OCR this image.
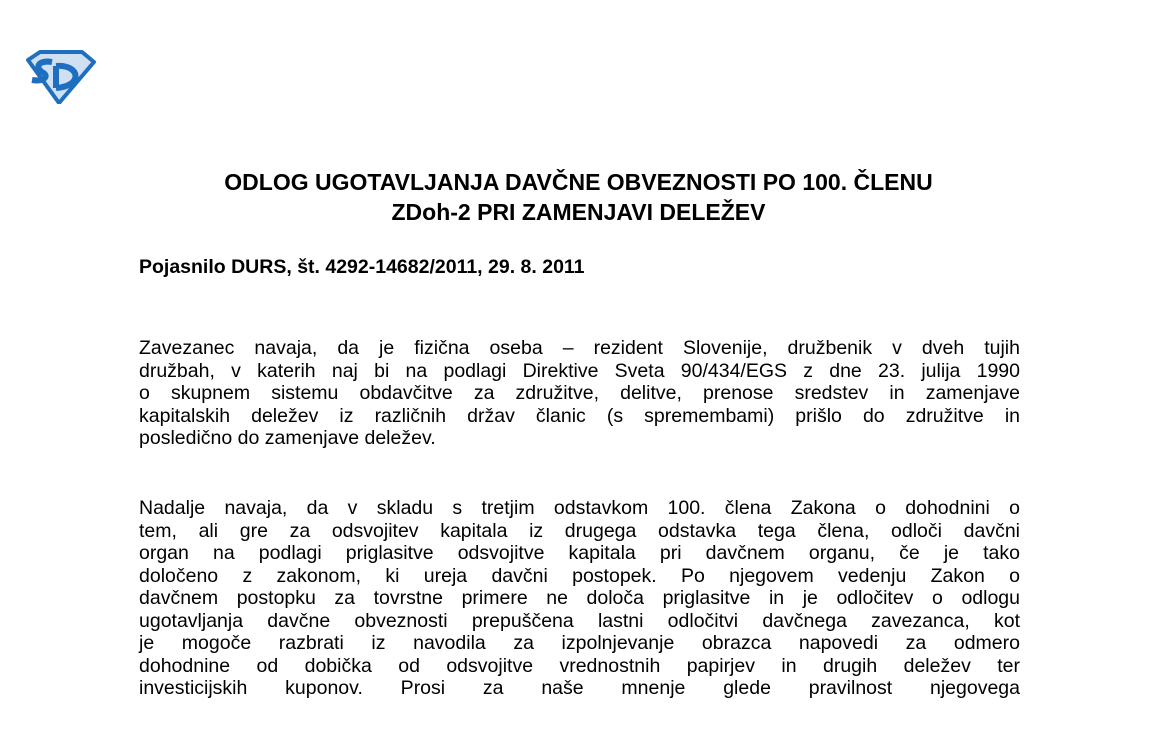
ODLOG UGOTAVLJANJA DAVČNE OBVEZNOSTI PO 100. ČLENU
ZDoh-2 PRI ZAMENJAVI DELEŽEV
Pojasnilo DURS, št. 4292-14682/2011, 29. 8. 2011
Zavezanec navaja, da je fizična oseba – rezident Slovenije, družbenik v dveh tujih
družbah, v katerih naj bi na podlagi Direktive Sveta 90/434/EGS z dne 23. julija 1990
o skupnem sistemu obdavčitve za združitve, delitve, prenose sredstev in zamenjave
kapitalskih deležev iz različnih držav članic (s spremembami) prišlo do združitve in
posledično do zamenjave deležev.
Nadalje navaja, da v skladu s tretjim odstavkom 100. člena Zakona o dohodnini o
tem, ali gre za odsvojitev kapitala iz drugega odstavka tega člena, odloči davčni
organ na podlagi priglasitve odsvojitve kapitala pri davčnem organu, če je tako
določeno z zakonom, ki ureja davčni postopek. Po njegovem vedenju Zakon o
davčnem postopku za tovrstne primere ne določa priglasitve in je odločitev o odlogu
ugotavljanja davčne obveznosti prepuščena lastni odločitvi davčnega zavezanca, kot
je mogoče razbrati iz navodila za izpolnjevanje obrazca napovedi za odmero
dohodnine od dobička od odsvojitve vrednostnih papirjev in drugih deležev ter
investicijskih kuponov. Prosi za naše mnenje glede pravilnost njegovega
